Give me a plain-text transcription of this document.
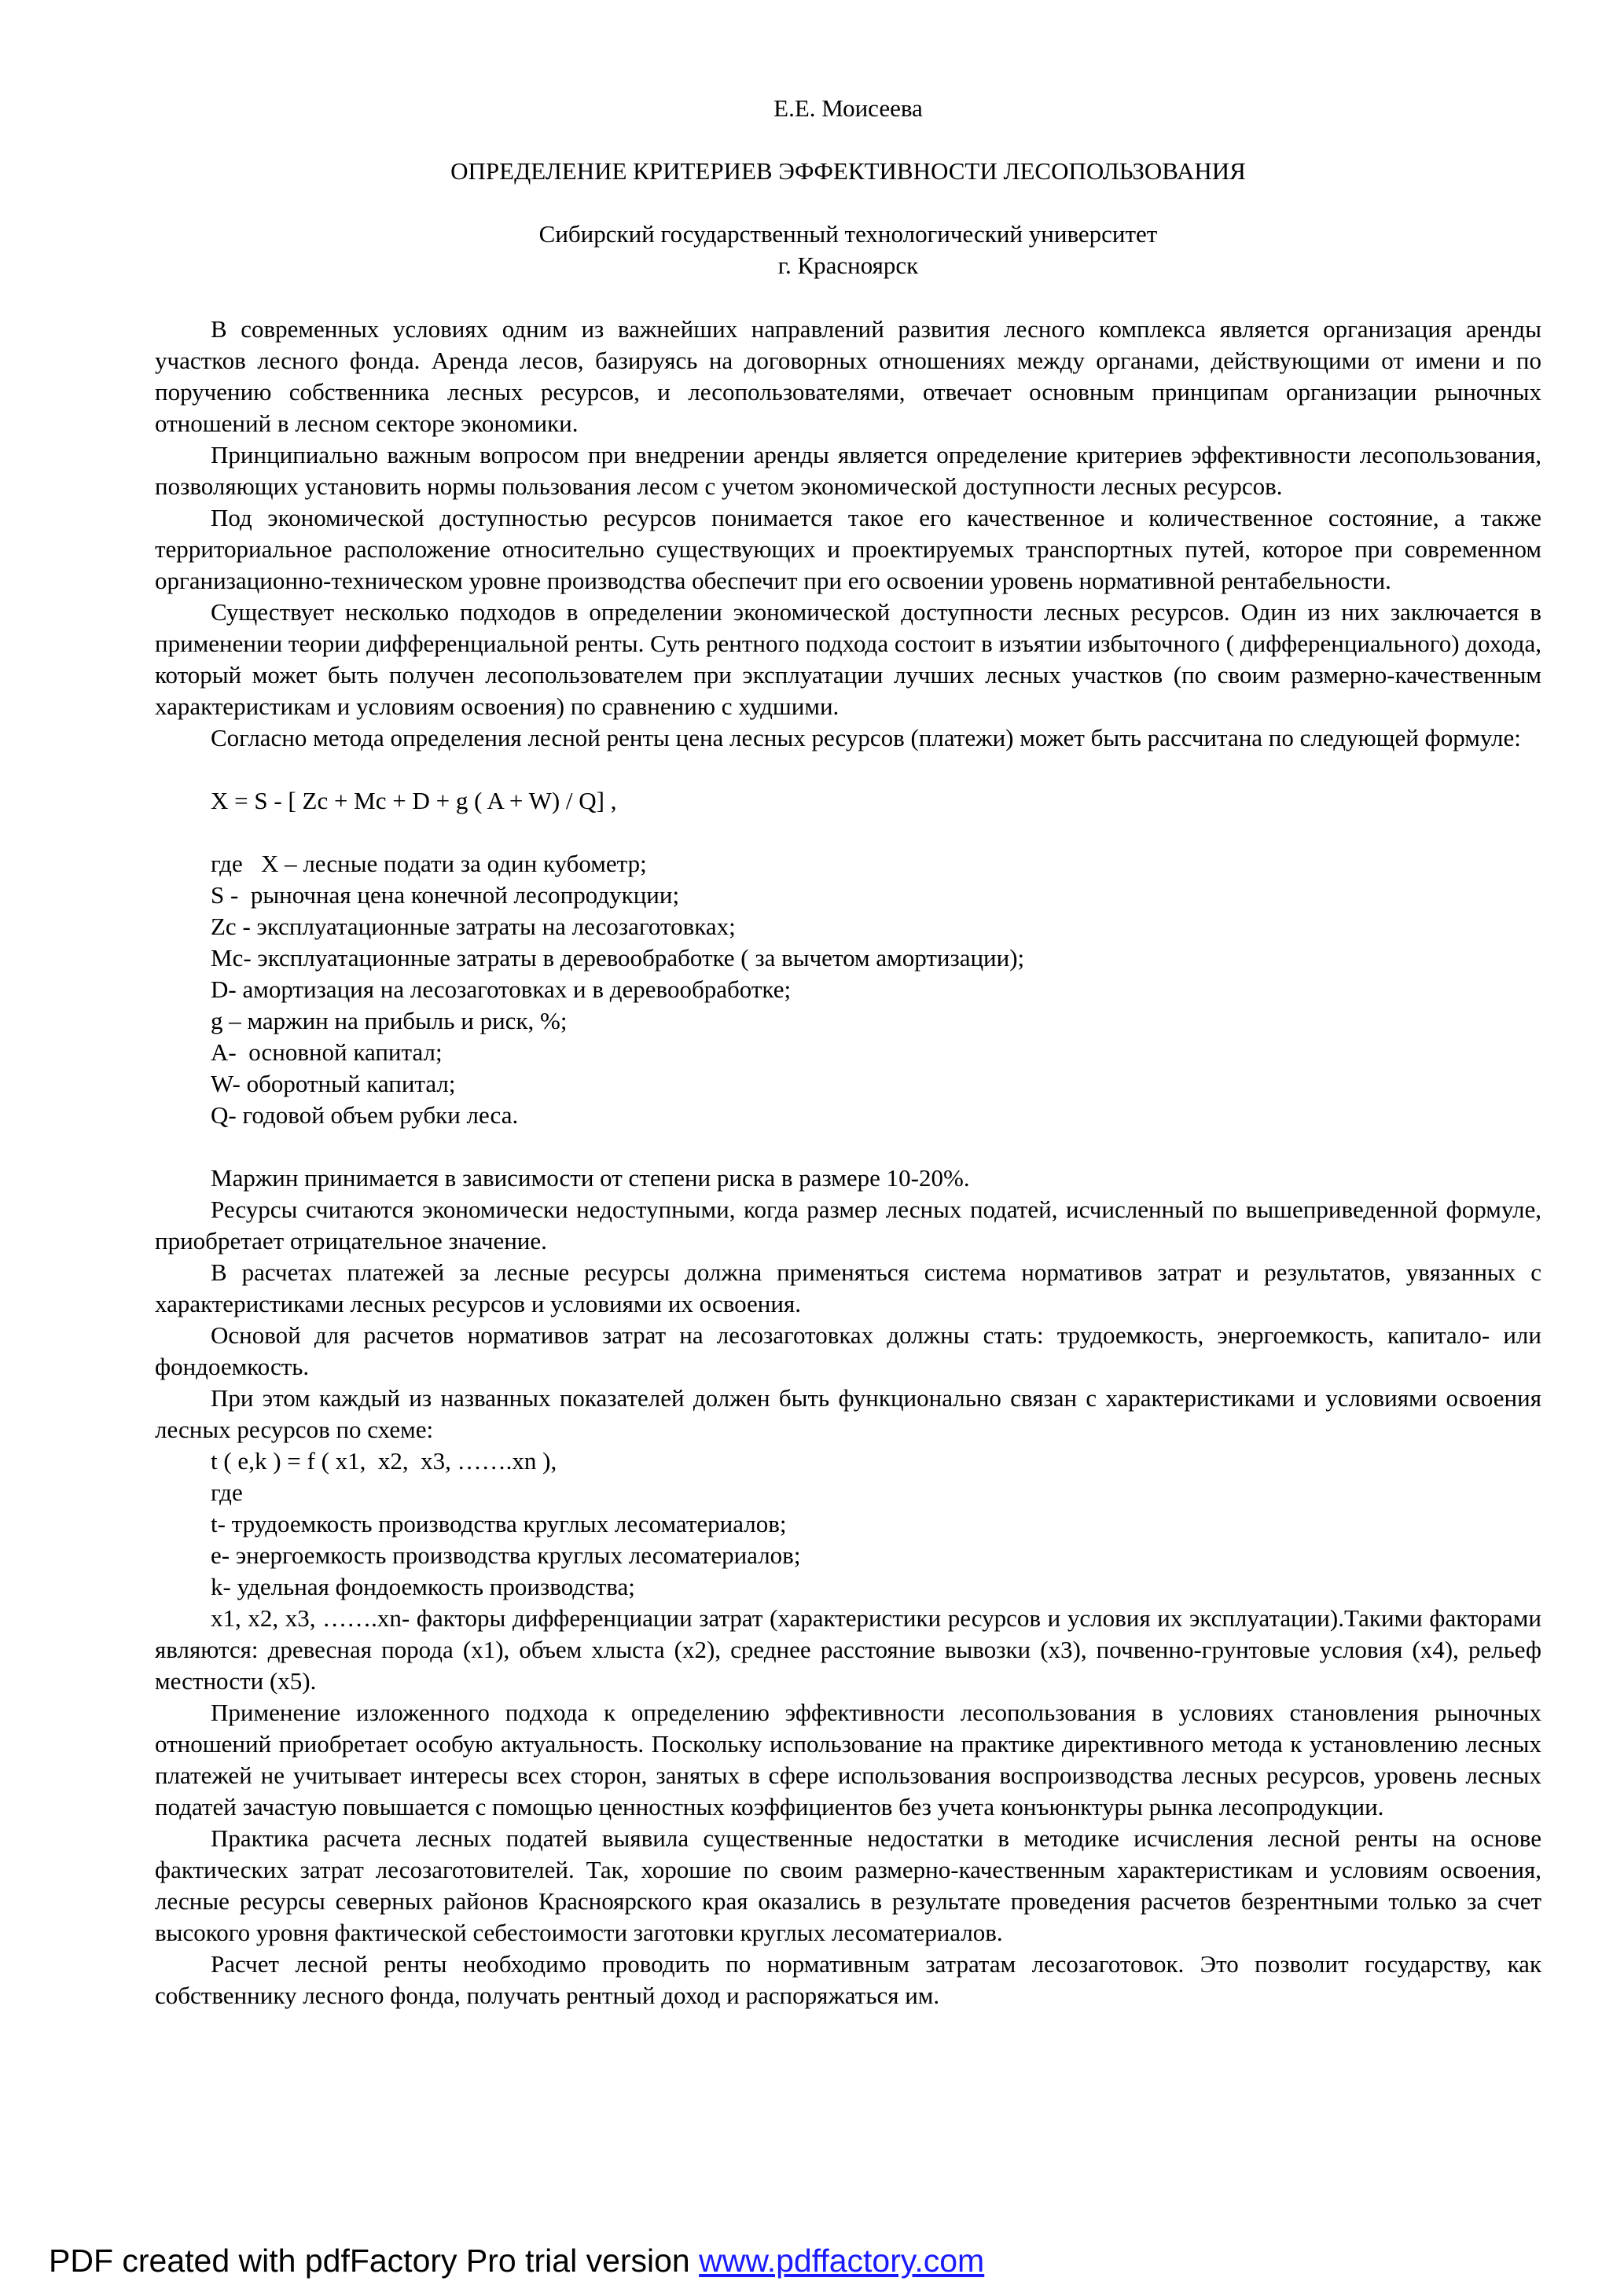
Е.Е. Моисеева
ОПРЕДЕЛЕНИЕ КРИТЕРИЕВ ЭФФЕКТИВНОСТИ ЛЕСОПОЛЬЗОВАНИЯ
Сибирский государственный технологический университет
г. Красноярск

В современных условиях одним из важнейших направлений развития лесного комплекса является организация аренды участков лесного фонда. Аренда лесов, базируясь на договорных отношениях между органами, действующими от имени и по поручению собственника лесных ресурсов, и лесопользователями, отвечает основным принципам организации рыночных отношений в лесном секторе экономики.

Принципиально важным вопросом при внедрении аренды является определение критериев эффективности лесопользования, позволяющих установить нормы пользования лесом с учетом экономической доступности лесных ресурсов.

Под экономической доступностью ресурсов понимается такое его качественное и количественное состояние, а также территориальное расположение относительно существующих и проектируемых транспортных путей, которое при современном организационно-техническом уровне производства обеспечит при его освоении уровень нормативной рентабельности.

Существует несколько подходов в определении экономической доступности лесных ресурсов. Один из них заключается в применении теории дифференциальной ренты. Суть рентного подхода состоит в изъятии избыточного ( дифференциального) дохода, который может быть получен лесопользователем при эксплуатации лучших лесных участков (по своим размерно-качественным характеристикам и условиям освоения) по сравнению с худшими.

Согласно метода определения лесной ренты цена лесных ресурсов (платежи) может быть рассчитана по следующей формуле:

X = S - [ Zc + Mc + D + g ( A + W) / Q] ,
где   X – лесные подати за один кубометр;
S -  рыночная цена конечной лесопродукции;
Zc - эксплуатационные затраты на лесозаготовках;
Mc- эксплуатационные затраты в деревообработке ( за вычетом амортизации);
D- амортизация на лесозаготовках и в деревообработке;
g – маржин на прибыль и риск, %;
A-  основной капитал;
W- оборотный капитал;
Q- годовой объем рубки леса.

Маржин принимается в зависимости от степени риска в размере 10-20%.

Ресурсы считаются экономически недоступными, когда размер лесных податей, исчисленный по вышеприведенной формуле, приобретает отрицательное значение.

В расчетах платежей за лесные ресурсы должна применяться система нормативов затрат и результатов, увязанных с характеристиками лесных ресурсов и условиями их освоения.

Основой для расчетов нормативов затрат на лесозаготовках должны стать: трудоемкость, энергоемкость, капитало- или фондоемкость.

При этом каждый из названных показателей должен быть функционально связан с характеристиками и условиями освоения лесных ресурсов по схеме:

t ( e,k ) = f ( x1,  x2,  x3, …….xn ),
где
t- трудоемкость производства круглых лесоматериалов;
e- энергоемкость производства круглых лесоматериалов;
k- удельная фондоемкость производства;

x1, x2, x3, …….xn- факторы дифференциации затрат (характеристики ресурсов и условия их эксплуатации).Такими факторами являются: древесная порода (x1), объем хлыста (x2), среднее расстояние вывозки (x3), почвенно-грунтовые условия (x4), рельеф местности (x5).

Применение изложенного подхода к определению эффективности лесопользования в условиях становления рыночных отношений приобретает особую актуальность. Поскольку использование на практике директивного метода к установлению лесных платежей не учитывает интересы всех сторон, занятых в сфере использования воспроизводства лесных ресурсов, уровень лесных податей зачастую повышается с помощью ценностных коэффициентов без учета конъюнктуры рынка лесопродукции.

Практика расчета лесных податей выявила существенные недостатки в методике исчисления лесной ренты на основе фактических затрат лесозаготовителей. Так, хорошие по своим размерно-качественным характеристикам и условиям освоения, лесные ресурсы северных районов Красноярского края оказались в результате проведения расчетов безрентными только за счет высокого уровня фактической себестоимости заготовки круглых лесоматериалов.

Расчет лесной ренты необходимо проводить по нормативным затратам лесозаготовок. Это позволит государству, как собственнику лесного фонда, получать рентный доход и распоряжаться им.

PDF created with pdfFactory Pro trial version www.pdffactory.com
